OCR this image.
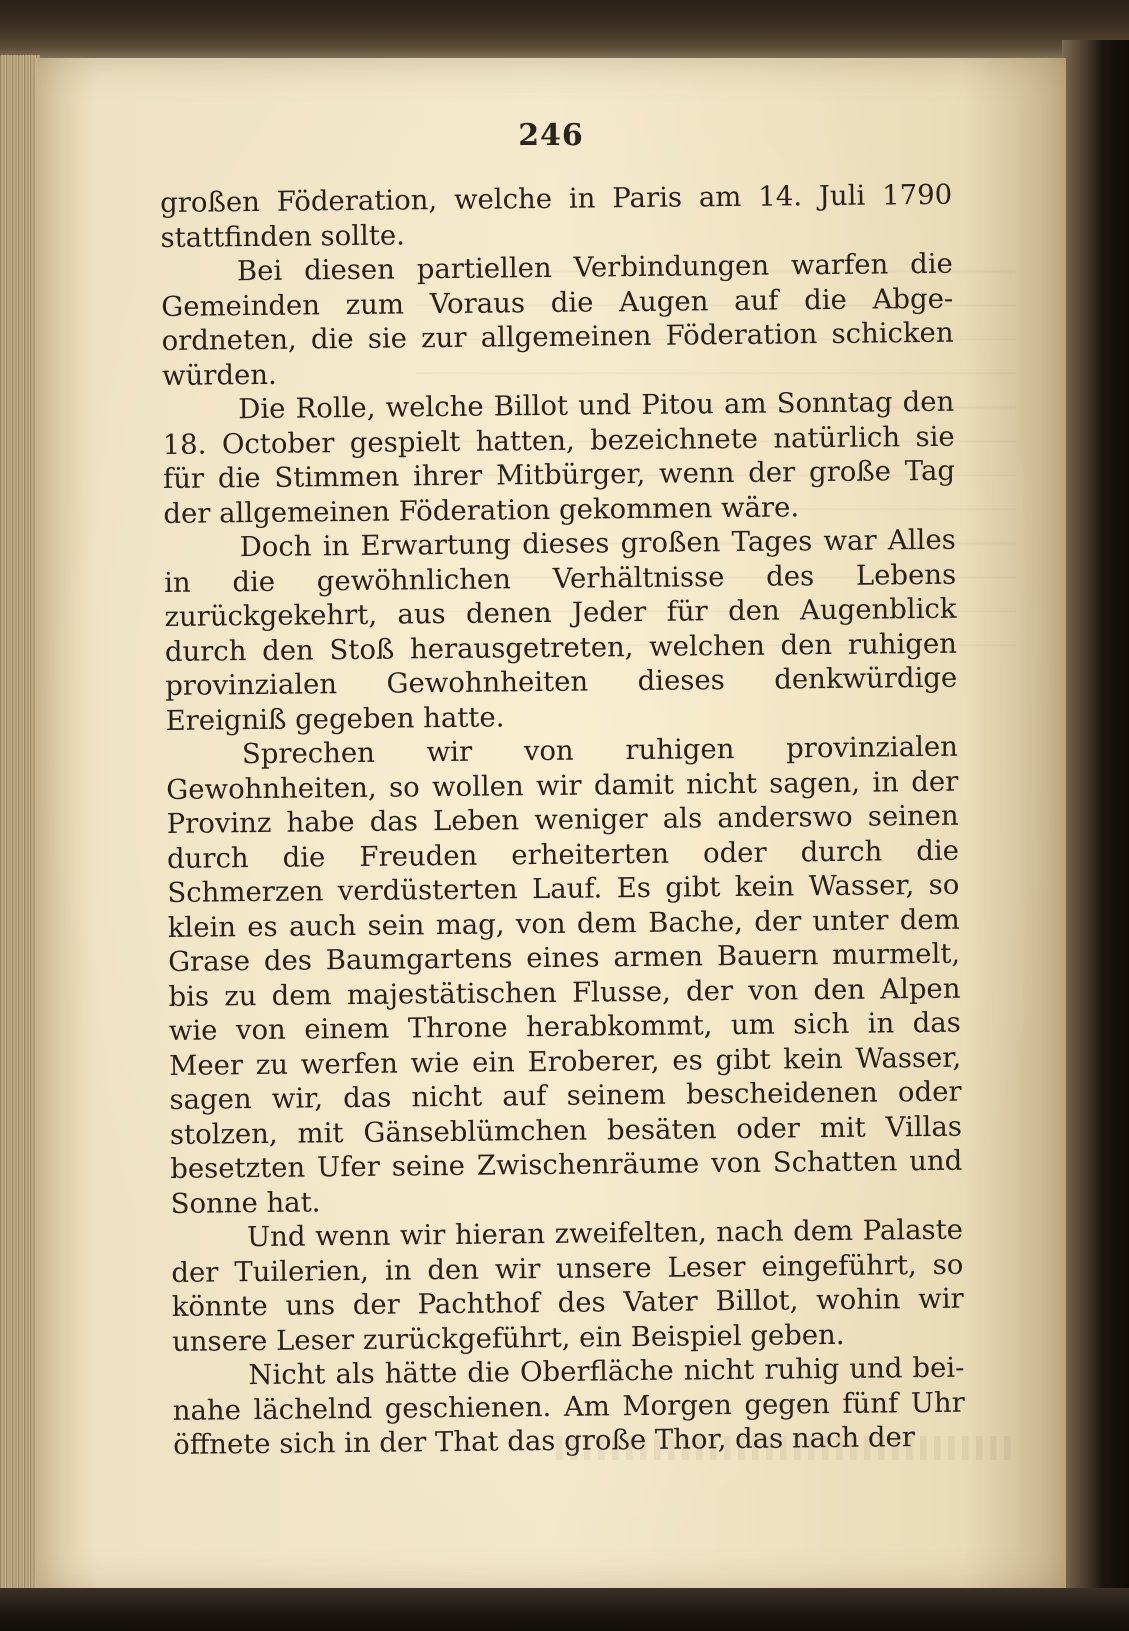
246

großen Föderation, welche in Paris am 14. Juli 1790 stattfinden sollte.

Bei diesen partiellen Verbindungen warfen die Gemeinden zum Voraus die Augen auf die Abgeordneten, die sie zur allgemeinen Föderation schicken würden.

Die Rolle, welche Billot und Pitou am Sonntag den 18. October gespielt hatten, bezeichnete natürlich sie für die Stimmen ihrer Mitbürger, wenn der große Tag der allgemeinen Föderation gekommen wäre.

Doch in Erwartung dieses großen Tages war Alles in die gewöhnlichen Verhältnisse des Lebens zurückgekehrt, aus denen Jeder für den Augenblick durch den Stoß herausgetreten, welchen den ruhigen provinzialen Gewohnheiten dieses denkwürdige Ereigniß gegeben hatte.

Sprechen wir von ruhigen provinzialen Gewohnheiten, so wollen wir damit nicht sagen, in der Provinz habe das Leben weniger als anderswo seinen durch die Freuden erheiterten oder durch die Schmerzen verdüsterten Lauf. Es gibt kein Wasser, so klein es auch sein mag, von dem Bache, der unter dem Grase des Baumgartens eines armen Bauern murmelt, bis zu dem majestätischen Flusse, der von den Alpen wie von einem Throne herabkommt, um sich in das Meer zu werfen wie ein Eroberer, es gibt kein Wasser, sagen wir, das nicht auf seinem bescheidenen oder stolzen, mit Gänseblümchen besäten oder mit Villas besetzten Ufer seine Zwischenräume von Schatten und Sonne hat.

Und wenn wir hieran zweifelten, nach dem Palaste der Tuilerien, in den wir unsere Leser eingeführt, so könnte uns der Pachthof des Vater Billot, wohin wir unsere Leser zurückgeführt, ein Beispiel geben.

Nicht als hätte die Oberfläche nicht ruhig und beinahe lächelnd geschienen. Am Morgen gegen fünf Uhr öffnete sich in der That das große Thor, das nach der
